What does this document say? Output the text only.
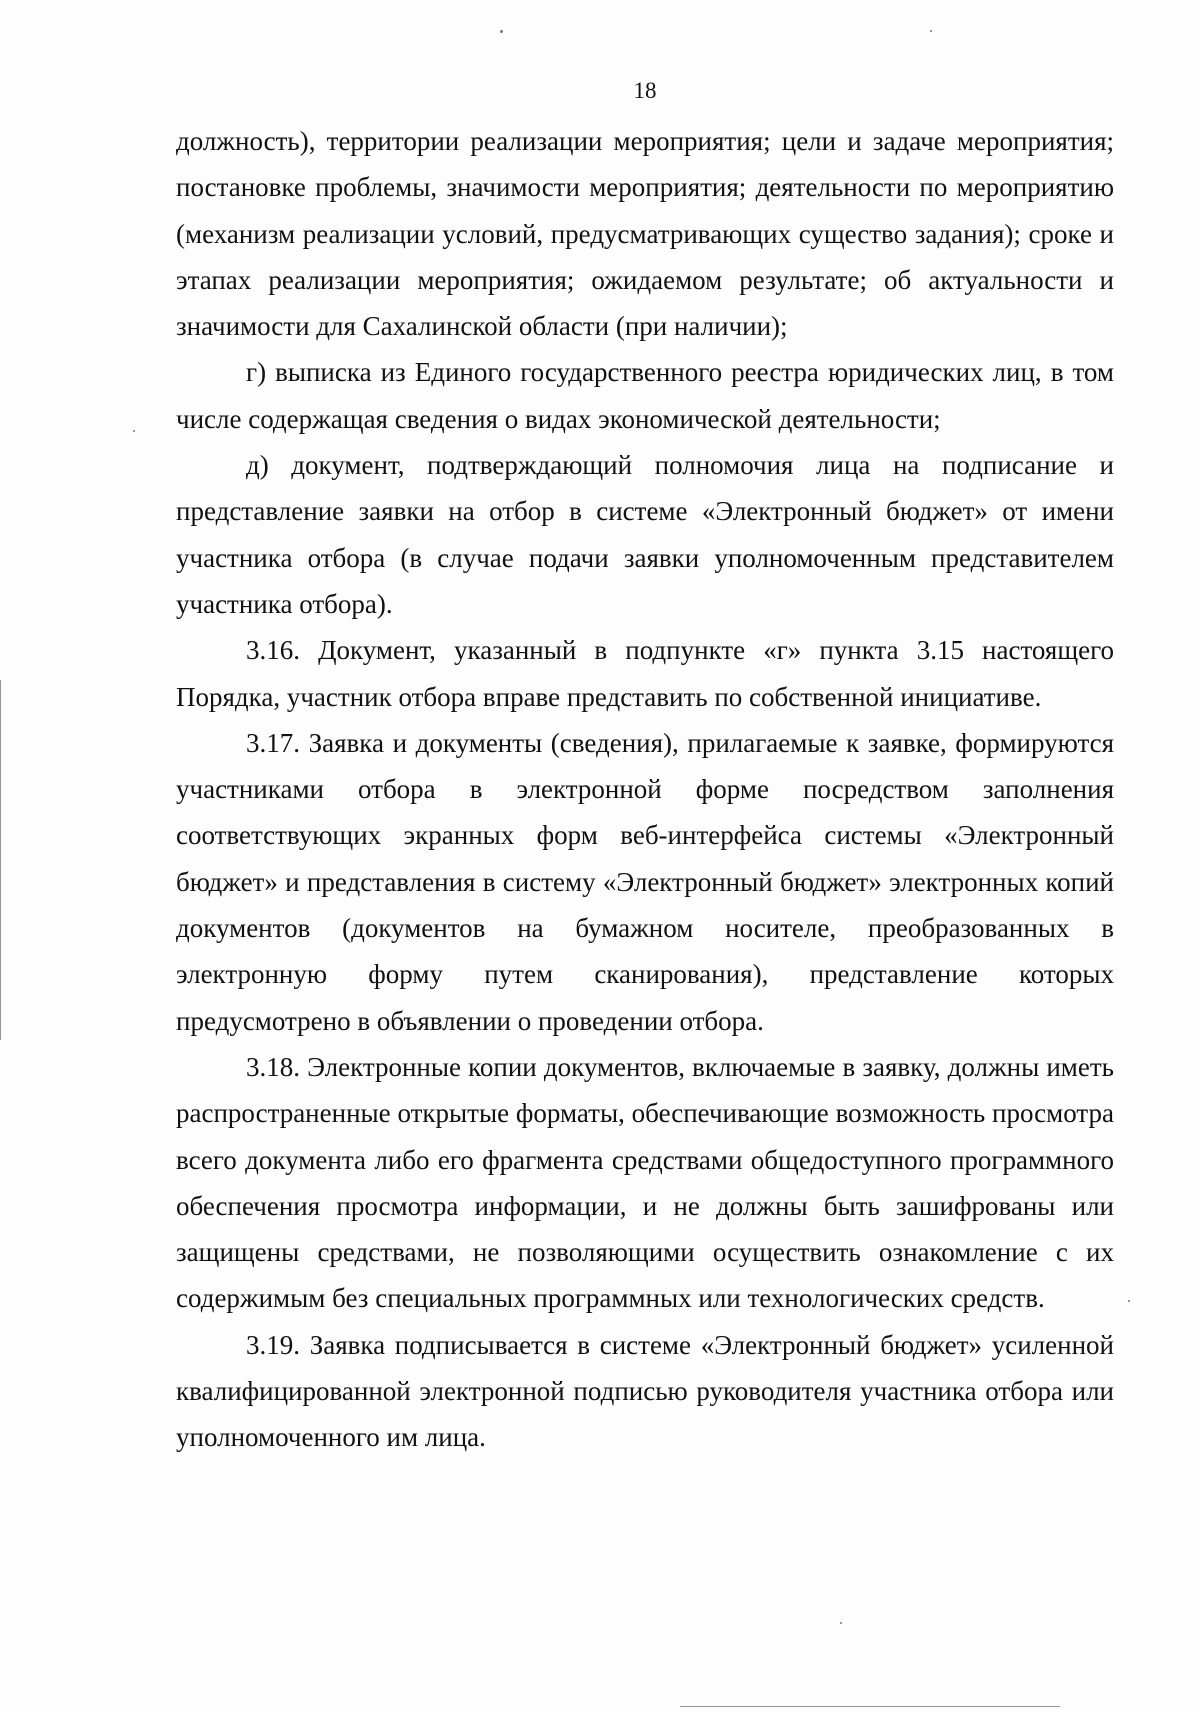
18

должность), территории реализации мероприятия; цели и задаче мероприятия; постановке проблемы, значимости мероприятия; деятельности по мероприятию (механизм реализации условий, предусматривающих существо задания); сроке и этапах реализации мероприятия; ожидаемом результате; об актуальности и значимости для Сахалинской области (при наличии);

г) выписка из Единого государственного реестра юридических лиц, в том числе содержащая сведения о видах экономической деятельности;

д) документ, подтверждающий полномочия лица на подписание и представление заявки на отбор в системе «Электронный бюджет» от имени участника отбора (в случае подачи заявки уполномоченным представителем участника отбора).

3.16. Документ, указанный в подпункте «г» пункта 3.15 настоящего Порядка, участник отбора вправе представить по собственной инициативе.

3.17. Заявка и документы (сведения), прилагаемые к заявке, формируются участниками отбора в электронной форме посредством заполнения соответствующих экранных форм веб-интерфейса системы «Электронный бюджет» и представления в систему «Электронный бюджет» электронных копий документов (документов на бумажном носителе, преобразованных в электронную форму путем сканирования), представление которых предусмотрено в объявлении о проведении отбора.

3.18. Электронные копии документов, включаемые в заявку, должны иметь распространенные открытые форматы, обеспечивающие возможность просмотра всего документа либо его фрагмента средствами общедоступного программного обеспечения просмотра информации, и не должны быть зашифрованы или защищены средствами, не позволяющими осуществить ознакомление с их содержимым без специальных программных или технологических средств.

3.19. Заявка подписывается в системе «Электронный бюджет» усиленной квалифицированной электронной подписью руководителя участника отбора или уполномоченного им лица.
